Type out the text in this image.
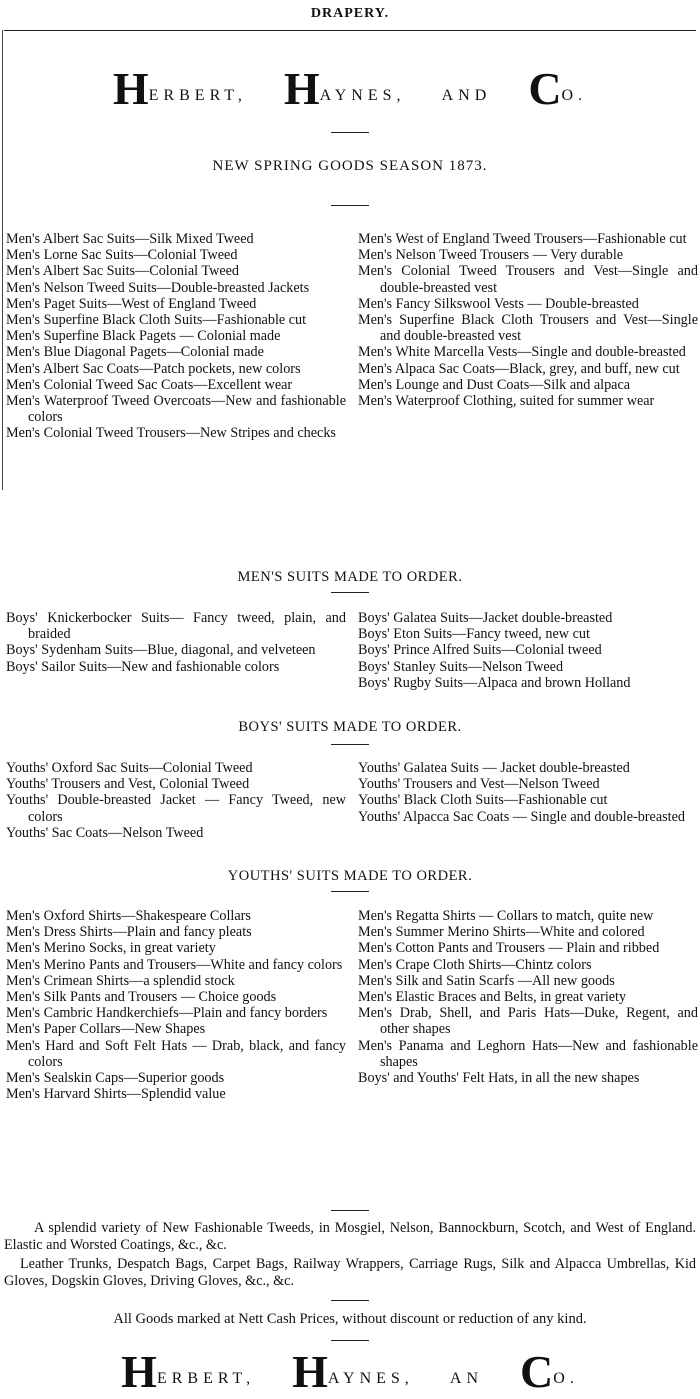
DRAPERY.
HERBERT, HAYNES, AND CO.
NEW SPRING GOODS SEASON 1873.

Men's Albert Sac Suits—Silk Mixed Tweed

Men's Lorne Sac Suits—Colonial Tweed

Men's Albert Sac Suits—Colonial Tweed

Men's Nelson Tweed Suits—Double-breasted Jackets

Men's Paget Suits—West of England Tweed

Men's Superfine Black Cloth Suits—Fashionable cut

Men's Superfine Black Pagets — Colonial made

Men's Blue Diagonal Pagets—Colonial made

Men's Albert Sac Coats—Patch pockets, new colors

Men's Colonial Tweed Sac Coats—Excellent wear

Men's Waterproof Tweed Overcoats—New and fashionable colors

Men's Colonial Tweed Trousers—New Stripes and checks

Men's West of England Tweed Trousers—Fashionable cut

Men's Nelson Tweed Trousers — Very durable

Men's Colonial Tweed Trousers and Vest—Single and double-breasted vest

Men's Fancy Silkswool Vests — Double-breasted

Men's Superfine Black Cloth Trousers and Vest—Single and double-breasted vest

Men's White Marcella Vests—Single and double-breasted

Men's Alpaca Sac Coats—Black, grey, and buff, new cut

Men's Lounge and Dust Coats—Silk and alpaca

Men's Waterproof Clothing, suited for summer wear

MEN'S SUITS MADE TO ORDER.

Boys' Knickerbocker Suits— Fancy tweed, plain, and braided

Boys' Sydenham Suits—Blue, diagonal, and velveteen

Boys' Sailor Suits—New and fashionable colors

Boys' Galatea Suits—Jacket double-breasted

Boys' Eton Suits—Fancy tweed, new cut

Boys' Prince Alfred Suits—Colonial tweed

Boys' Stanley Suits—Nelson Tweed

Boys' Rugby Suits—Alpaca and brown Holland

BOYS' SUITS MADE TO ORDER.

Youths' Oxford Sac Suits—Colonial Tweed

Youths' Trousers and Vest, Colonial Tweed

Youths' Double-breasted Jacket — Fancy Tweed, new colors

Youths' Sac Coats—Nelson Tweed

Youths' Galatea Suits — Jacket double-breasted

Youths' Trousers and Vest—Nelson Tweed

Youths' Black Cloth Suits—Fashionable cut

Youths' Alpacca Sac Coats — Single and double-breasted

YOUTHS' SUITS MADE TO ORDER.

Men's Oxford Shirts—Shakespeare Collars

Men's Dress Shirts—Plain and fancy pleats

Men's Merino Socks, in great variety

Men's Merino Pants and Trousers—White and fancy colors

Men's Crimean Shirts—a splendid stock

Men's Silk Pants and Trousers — Choice goods

Men's Cambric Handkerchiefs—Plain and fancy borders

Men's Paper Collars—New Shapes

Men's Hard and Soft Felt Hats — Drab, black, and fancy colors

Men's Sealskin Caps—Superior goods

Men's Harvard Shirts—Splendid value

Men's Regatta Shirts — Collars to match, quite new

Men's Summer Merino Shirts—White and colored

Men's Cotton Pants and Trousers — Plain and ribbed

Men's Crape Cloth Shirts—Chintz colors

Men's Silk and Satin Scarfs —All new goods

Men's Elastic Braces and Belts, in great variety

Men's Drab, Shell, and Paris Hats—Duke, Regent, and other shapes

Men's Panama and Leghorn Hats—New and fashionable shapes

Boys' and Youths' Felt Hats, in all the new shapes

A splendid variety of New Fashionable Tweeds, in Mosgiel, Nelson, Bannockburn, Scotch, and West of England. Elastic and Worsted Coatings, &c., &c.
Leather Trunks, Despatch Bags, Carpet Bags, Railway Wrappers, Carriage Rugs, Silk and Alpacca Umbrellas, Kid Gloves, Dogskin Gloves, Driving Gloves, &c., &c.
All Goods marked at Nett Cash Prices, without discount or reduction of any kind.
HERBERT, HAYNES, AN CO.
